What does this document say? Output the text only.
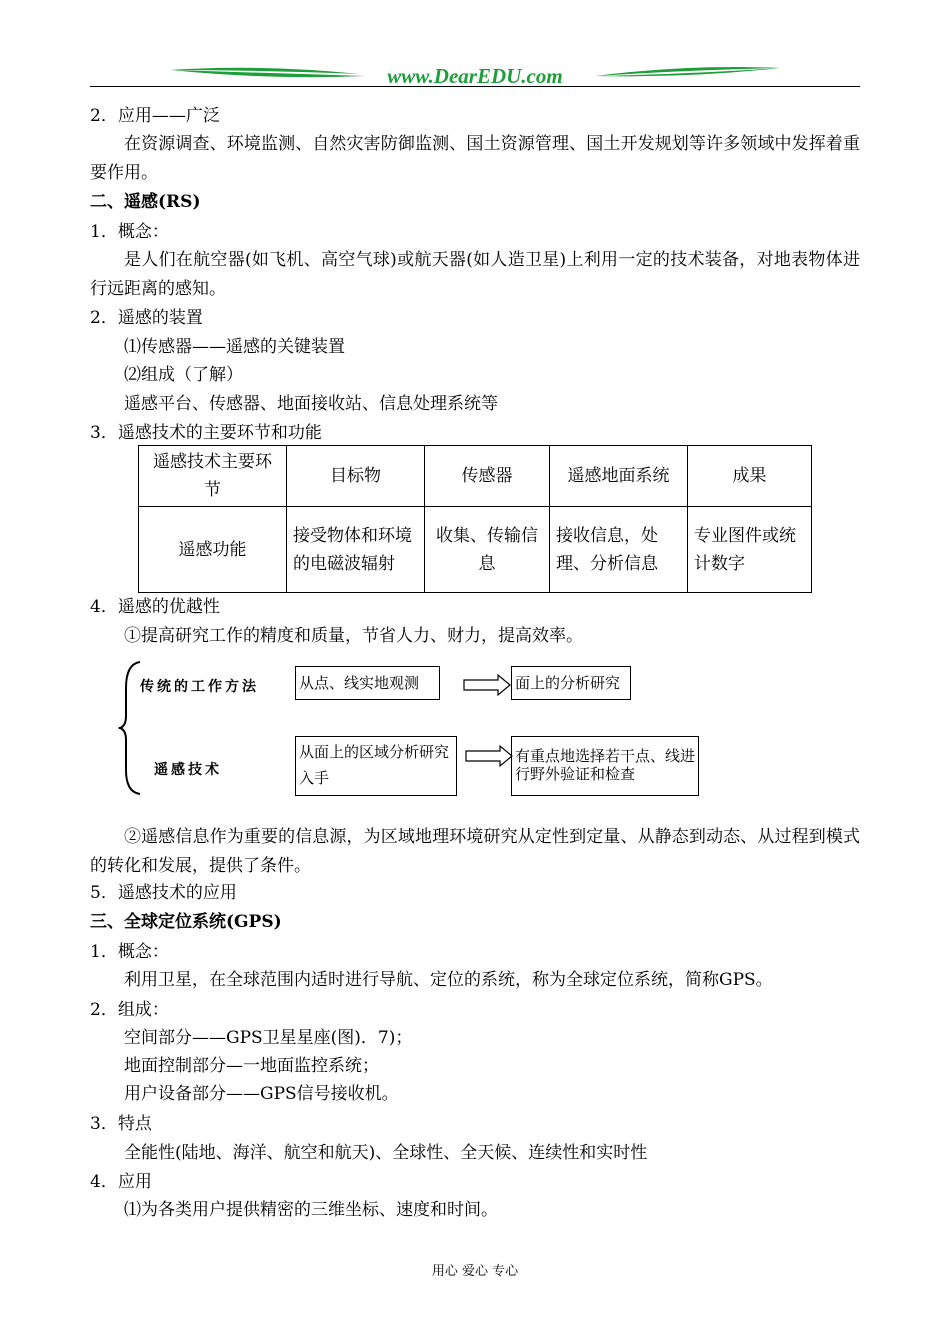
www.DearEDU.com
2．应用——广泛
在资源调查、环境监测、自然灾害防御监测、国土资源管理、国土开发规划等许多领域中发挥着重要作用。
二、遥感(RS)
1．概念：
是人们在航空器(如飞机、高空气球)或航天器(如人造卫星)上利用一定的技术装备，对地表物体进行远距离的感知。
2．遥感的装置
⑴传感器——遥感的关键装置
⑵组成（了解）
遥感平台、传感器、地面接收站、信息处理系统等
3．遥感技术的主要环节和功能
遥感技术主要环节	目标物	传感器	遥感地面系统	成果
遥感功能	接受物体和环境的电磁波辐射	收集、传输信息	接收信息，处理、分析信息	专业图件或统计数字
4．遥感的优越性
①提高研究工作的精度和质量，节省人力、财力，提高效率。
传统的工作方法
遥感技术
从点、线实地观测	面上的分析研究
从面上的区域分析研究入手
有重点地选择若干点、线进行野外验证和检查
②遥感信息作为重要的信息源，为区域地理环境研究从定性到定量、从静态到动态、从过程到模式的转化和发展，提供了条件。
5．遥感技术的应用
三、全球定位系统(GPS)
1．概念：
利用卫星，在全球范围内适时进行导航、定位的系统，称为全球定位系统，简称GPS。
2．组成：
空间部分——GPS卫星星座(图)．7)；
地面控制部分—一地面监控系统；
用户设备部分——GPS信号接收机。
3．特点
全能性(陆地、海洋、航空和航天)、全球性、全天候、连续性和实时性
4．应用
⑴为各类用户提供精密的三维坐标、速度和时间。
用心 爱心 专心
